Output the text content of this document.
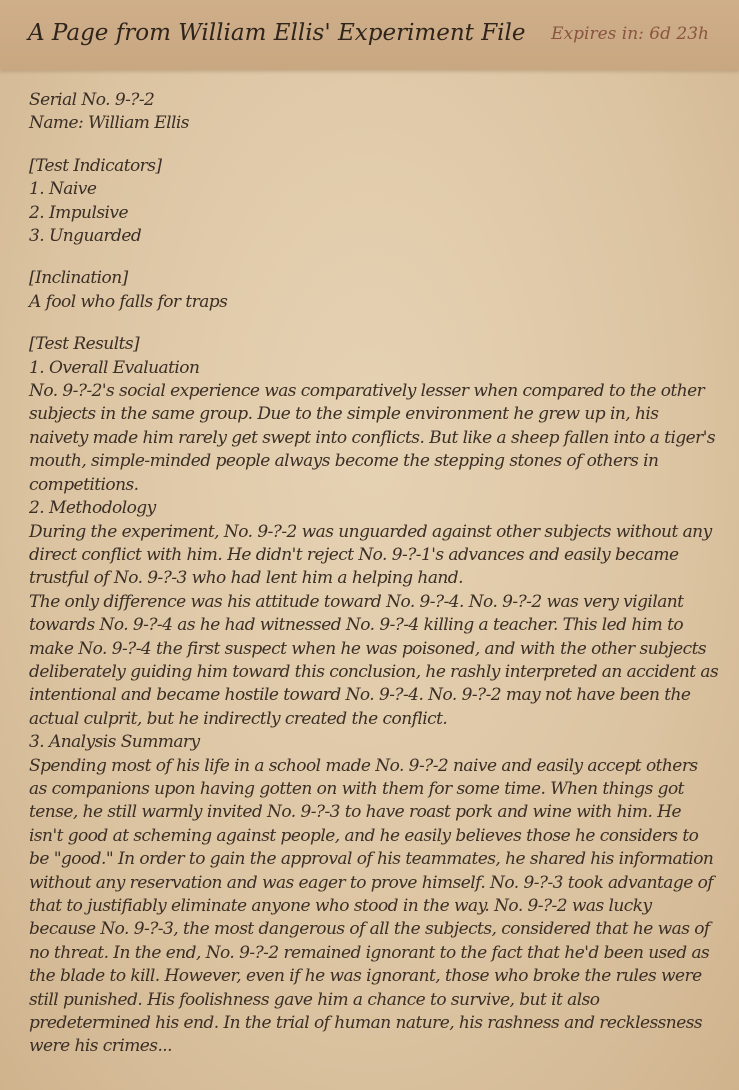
A Page from William Ellis' Experiment File Expires in: 6d 23h

Serial No. 9-?-2

Name: William Ellis

[Test Indicators]

1. Naive

2. Impulsive

3. Unguarded

[Inclination]

A fool who falls for traps

[Test Results]

1. Overall Evaluation

No. 9-?-2's social experience was comparatively lesser when compared to the other subjects in the same group. Due to the simple environment he grew up in, his naivety made him rarely get swept into conflicts. But like a sheep fallen into a tiger's mouth, simple-minded people always become the stepping stones of others in competitions.

2. Methodology

During the experiment, No. 9-?-2 was unguarded against other subjects without any direct conflict with him. He didn't reject No. 9-?-1's advances and easily became trustful of No. 9-?-3 who had lent him a helping hand.

The only difference was his attitude toward No. 9-?-4. No. 9-?-2 was very vigilant towards No. 9-?-4 as he had witnessed No. 9-?-4 killing a teacher. This led him to make No. 9-?-4 the first suspect when he was poisoned, and with the other subjects deliberately guiding him toward this conclusion, he rashly interpreted an accident as intentional and became hostile toward No. 9-?-4. No. 9-?-2 may not have been the actual culprit, but he indirectly created the conflict.

3. Analysis Summary

Spending most of his life in a school made No. 9-?-2 naive and easily accept others as companions upon having gotten on with them for some time. When things got tense, he still warmly invited No. 9-?-3 to have roast pork and wine with him. He isn't good at scheming against people, and he easily believes those he considers to be "good." In order to gain the approval of his teammates, he shared his information without any reservation and was eager to prove himself. No. 9-?-3 took advantage of that to justifiably eliminate anyone who stood in the way. No. 9-?-2 was lucky because No. 9-?-3, the most dangerous of all the subjects, considered that he was of no threat. In the end, No. 9-?-2 remained ignorant to the fact that he'd been used as the blade to kill. However, even if he was ignorant, those who broke the rules were still punished. His foolishness gave him a chance to survive, but it also predetermined his end. In the trial of human nature, his rashness and recklessness were his crimes...
